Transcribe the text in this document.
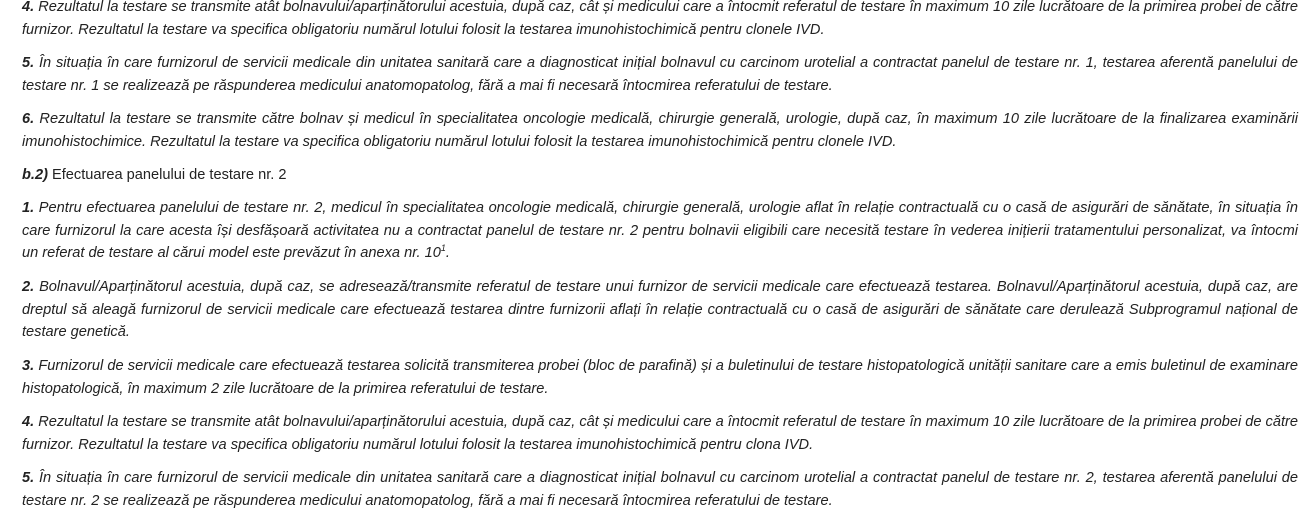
4. Rezultatul la testare se transmite atât bolnavului/aparținătorului acestuia, după caz, cât și medicului care a întocmit referatul de testare în maximum 10 zile lucrătoare de la primirea probei de către furnizor. Rezultatul la testare va specifica obligatoriu numărul lotului folosit la testarea imunohistochimică pentru clonele IVD.

5. În situația în care furnizorul de servicii medicale din unitatea sanitară care a diagnosticat inițial bolnavul cu carcinom urotelial a contractat panelul de testare nr. 1, testarea aferentă panelului de testare nr. 1 se realizează pe răspunderea medicului anatomopatolog, fără a mai fi necesară întocmirea referatului de testare.

6. Rezultatul la testare se transmite către bolnav și medicul în specialitatea oncologie medicală, chirurgie generală, urologie, după caz, în maximum 10 zile lucrătoare de la finalizarea examinării imunohistochimice. Rezultatul la testare va specifica obligatoriu numărul lotului folosit la testarea imunohistochimică pentru clonele IVD.

b.2) Efectuarea panelului de testare nr. 2

1. Pentru efectuarea panelului de testare nr. 2, medicul în specialitatea oncologie medicală, chirurgie generală, urologie aflat în relație contractuală cu o casă de asigurări de sănătate, în situația în care furnizorul la care acesta își desfășoară activitatea nu a contractat panelul de testare nr. 2 pentru bolnavii eligibili care necesită testare în vederea inițierii tratamentului personalizat, va întocmi un referat de testare al cărui model este prevăzut în anexa nr. $10^1$.

2. Bolnavul/Aparținătorul acestuia, după caz, se adresează/transmite referatul de testare unui furnizor de servicii medicale care efectuează testarea. Bolnavul/Aparținătorul acestuia, după caz, are dreptul să aleagă furnizorul de servicii medicale care efectuează testarea dintre furnizorii aflați în relație contractuală cu o casă de asigurări de sănătate care derulează Subprogramul național de testare genetică.

3. Furnizorul de servicii medicale care efectuează testarea solicită transmiterea probei (bloc de parafină) și a buletinului de testare histopatologică unității sanitare care a emis buletinul de examinare histopatologică, în maximum 2 zile lucrătoare de la primirea referatului de testare.

4. Rezultatul la testare se transmite atât bolnavului/aparținătorului acestuia, după caz, cât și medicului care a întocmit referatul de testare în maximum 10 zile lucrătoare de la primirea probei de către furnizor. Rezultatul la testare va specifica obligatoriu numărul lotului folosit la testarea imunohistochimică pentru clona IVD.

5. În situația în care furnizorul de servicii medicale din unitatea sanitară care a diagnosticat inițial bolnavul cu carcinom urotelial a contractat panelul de testare nr. 2, testarea aferentă panelului de testare nr. 2 se realizează pe răspunderea medicului anatomopatolog, fără a mai fi necesară întocmirea referatului de testare.
